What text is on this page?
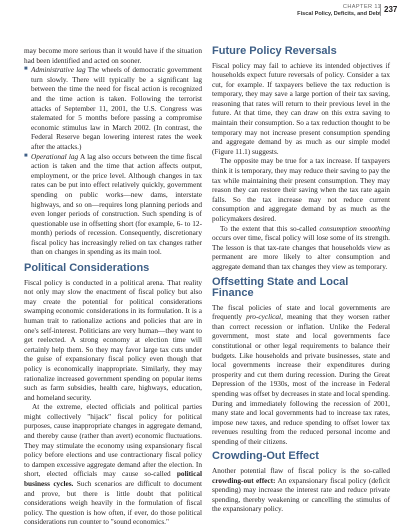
CHAPTER 11
Fiscal Policy, Deficits, and Debt
237

may become more serious than it would have if the situation had been identified and acted on sooner.

■ Administrative lag The wheels of democratic government turn slowly. There will typically be a significant lag between the time the need for fiscal action is recognized and the time action is taken. Following the terrorist attacks of September 11, 2001, the U.S. Congress was stalemated for 5 months before passing a compromise economic stimulus law in March 2002. (In contrast, the Federal Reserve began lowering interest rates the week after the attacks.)
■ Operational lag A lag also occurs between the time fiscal action is taken and the time that action affects output, employment, or the price level. Although changes in tax rates can be put into effect relatively quickly, government spending on public works—new dams, interstate highways, and so on—requires long planning periods and even longer periods of construction. Such spending is of questionable use in offsetting short (for example, 6- to 12-month) periods of recession. Consequently, discretionary fiscal policy has increasingly relied on tax changes rather than on changes in spending as its main tool.
Political Considerations

Fiscal policy is conducted in a political arena. That reality not only may slow the enactment of fiscal policy but also may create the potential for political considerations swamping economic considerations in its formulation. It is a human trait to rationalize actions and policies that are in one's self-interest. Politicians are very human—they want to get reelected. A strong economy at election time will certainly help them. So they may favor large tax cuts under the guise of expansionary fiscal policy even though that policy is economically inappropriate. Similarly, they may rationalize increased government spending on popular items such as farm subsidies, health care, highways, education, and homeland security.

At the extreme, elected officials and political parties might collectively "hijack" fiscal policy for political purposes, cause inappropriate changes in aggregate demand, and thereby cause (rather than avert) economic fluctuations. They may stimulate the economy using expansionary fiscal policy before elections and use contractionary fiscal policy to dampen excessive aggregate demand after the election. In short, elected officials may cause so-called political business cycles. Such scenarios are difficult to document and prove, but there is little doubt that political considerations weigh heavily in the formulation of fiscal policy. The question is how often, if ever, do those political considerations run counter to "sound economics."

Future Policy Reversals

Fiscal policy may fail to achieve its intended objectives if households expect future reversals of policy. Consider a tax cut, for example. If taxpayers believe the tax reduction is temporary, they may save a large portion of their tax saving, reasoning that rates will return to their previous level in the future. At that time, they can draw on this extra saving to maintain their consumption. So a tax reduction thought to be temporary may not increase present consumption spending and aggregate demand by as much as our simple model (Figure 11.1) suggests.

The opposite may be true for a tax increase. If taxpayers think it is temporary, they may reduce their saving to pay the tax while maintaining their present consumption. They may reason they can restore their saving when the tax rate again falls. So the tax increase may not reduce current consumption and aggregate demand by as much as the policymakers desired.

To the extent that this so-called consumption smoothing occurs over time, fiscal policy will lose some of its strength. The lesson is that tax-rate changes that households view as permanent are more likely to alter consumption and aggregate demand than tax changes they view as temporary.

Offsetting State and Local Finance

The fiscal policies of state and local governments are frequently pro-cyclical, meaning that they worsen rather than correct recession or inflation. Unlike the Federal government, most state and local governments face constitutional or other legal requirements to balance their budgets. Like households and private businesses, state and local governments increase their expenditures during prosperity and cut them during recession. During the Great Depression of the 1930s, most of the increase in Federal spending was offset by decreases in state and local spending. During and immediately following the recession of 2001, many state and local governments had to increase tax rates, impose new taxes, and reduce spending to offset lower tax revenues resulting from the reduced personal income and spending of their citizens.

Crowding-Out Effect

Another potential flaw of fiscal policy is the so-called crowding-out effect: An expansionary fiscal policy (deficit spending) may increase the interest rate and reduce private spending, thereby weakening or cancelling the stimulus of the expansionary policy.
